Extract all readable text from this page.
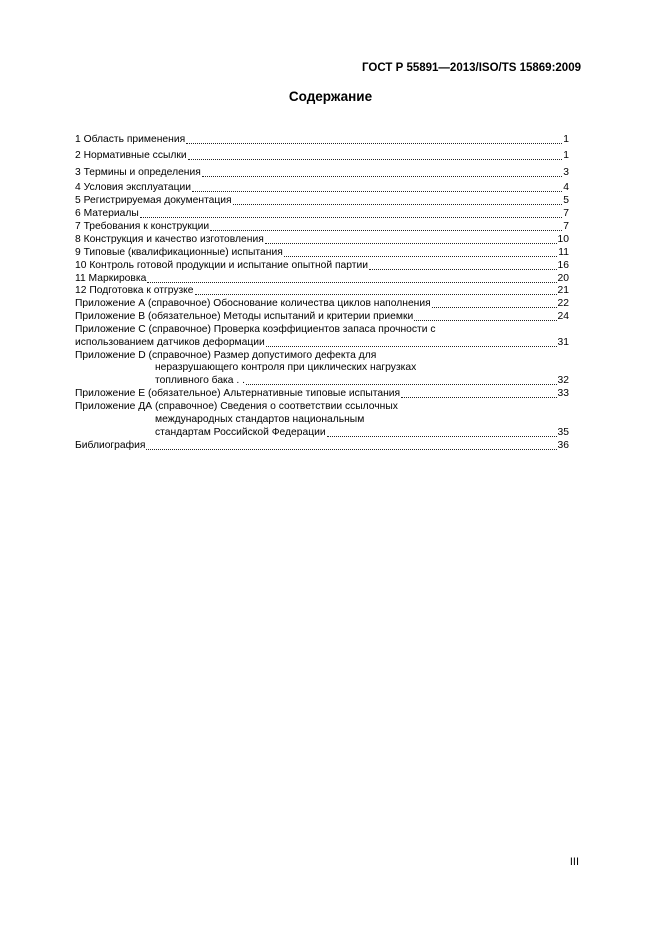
ГОСТ Р 55891—2013/ISO/TS 15869:2009
Содержание
1 Область применения	1
2 Нормативные ссылки	1
3 Термины и определения	3
4 Условия эксплуатации	4
5 Регистрируемая документация	5
6 Материалы	7
7 Требования к конструкции	7
8 Конструкция и качество изготовления	10
9 Типовые (квалификационные) испытания	11
10 Контроль готовой продукции и испытание опытной партии	16
11 Маркировка	20
12 Подготовка к отгрузке	21
Приложение А (справочное) Обоснование количества циклов наполнения	22
Приложение В (обязательное) Методы испытаний и критерии приемки	24
Приложение С (справочное) Проверка коэффициентов запаса прочности с
использованием датчиков деформации	31
Приложение D (справочное) Размер допустимого дефекта для
неразрушающего контроля при циклических нагрузках
топливного бака . .	32
Приложение Е (обязательное) Альтернативные типовые испытания	33
Приложение ДА (справочное) Сведения о соответствии ссылочных
международных стандартов национальным
стандартам Российской Федерации	35
Библиография	36
III
